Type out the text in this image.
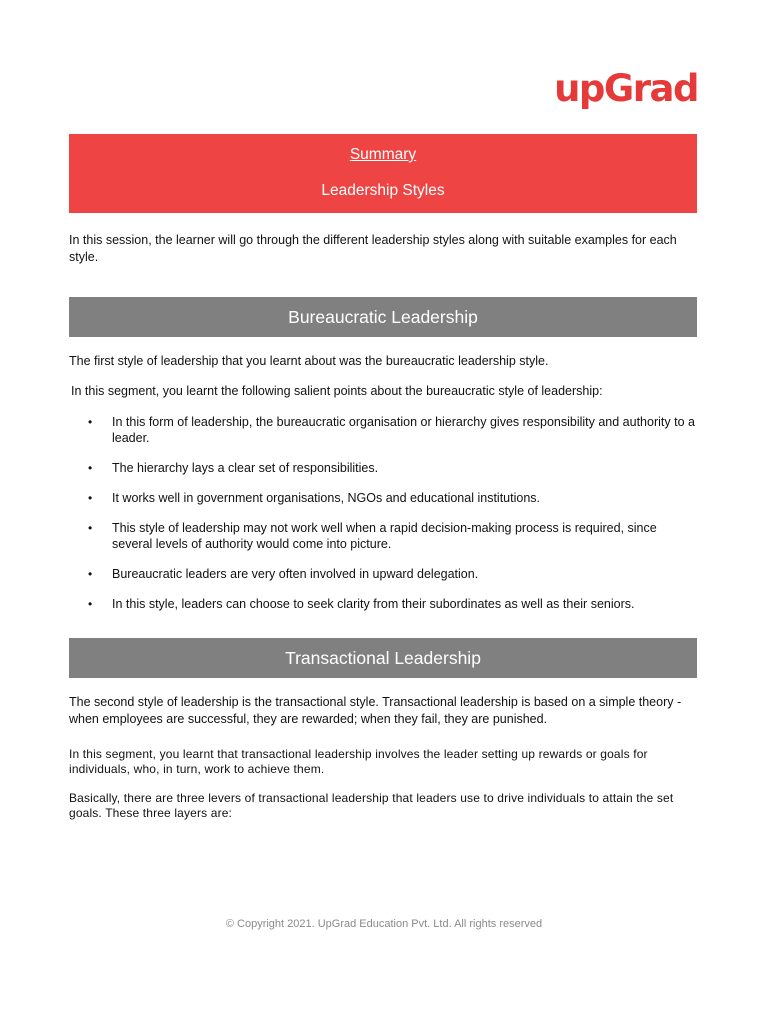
upGrad
Summary
Leadership Styles

In this session, the learner will go through the different leadership styles along with suitable examples for each style.

Bureaucratic Leadership

The first style of leadership that you learnt about was the bureaucratic leadership style.

In this segment, you learnt the following salient points about the bureaucratic style of leadership:

• In this form of leadership, the bureaucratic organisation or hierarchy gives responsibility and authority to a leader.
• The hierarchy lays a clear set of responsibilities.
• It works well in government organisations, NGOs and educational institutions.
• This style of leadership may not work well when a rapid decision-making process is required, since several levels of authority would come into picture.
• Bureaucratic leaders are very often involved in upward delegation.
• In this style, leaders can choose to seek clarity from their subordinates as well as their seniors.
Transactional Leadership

The second style of leadership is the transactional style. Transactional leadership is based on a simple theory - when employees are successful, they are rewarded; when they fail, they are punished.

In this segment, you learnt that transactional leadership involves the leader setting up rewards or goals for individuals, who, in turn, work to achieve them.

Basically, there are three levers of transactional leadership that leaders use to drive individuals to attain the set goals. These three layers are:

© Copyright 2021. UpGrad Education Pvt. Ltd. All rights reserved
